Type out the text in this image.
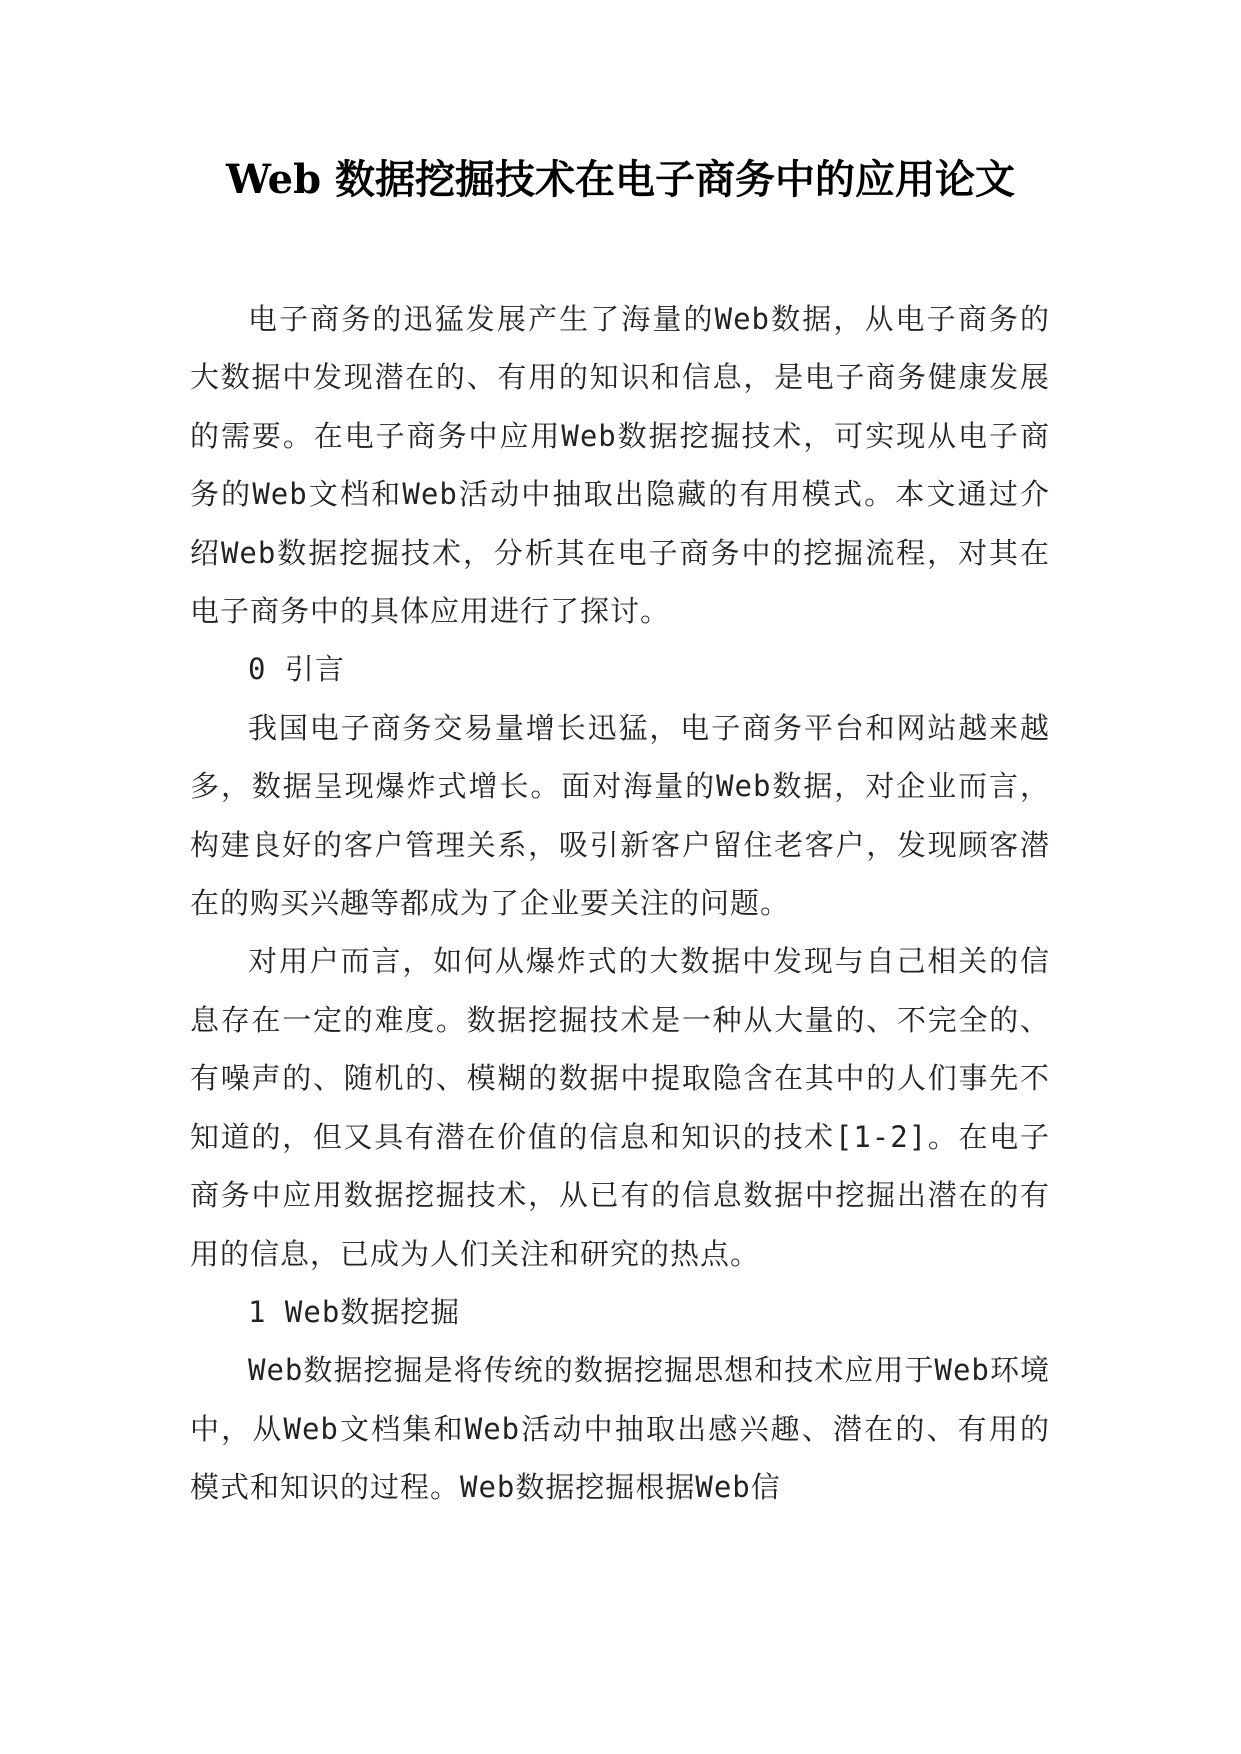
Web 数据挖掘技术在电子商务中的应用论文

电子商务的迅猛发展产生了海量的Web数据，从电子商务的大数据中发现潜在的、有用的知识和信息，是电子商务健康发展的需要。在电子商务中应用Web数据挖掘技术，可实现从电子商务的Web文档和Web活动中抽取出隐藏的有用模式。本文通过介绍Web数据挖掘技术，分析其在电子商务中的挖掘流程，对其在电子商务中的具体应用进行了探讨。

0 引言

我国电子商务交易量增长迅猛，电子商务平台和网站越来越多，数据呈现爆炸式增长。面对海量的Web数据，对企业而言，构建良好的客户管理关系，吸引新客户留住老客户，发现顾客潜在的购买兴趣等都成为了企业要关注的问题。

对用户而言，如何从爆炸式的大数据中发现与自己相关的信息存在一定的难度。数据挖掘技术是一种从大量的、不完全的、有噪声的、随机的、模糊的数据中提取隐含在其中的人们事先不知道的，但又具有潜在价值的信息和知识的技术[1-2]。在电子商务中应用数据挖掘技术，从已有的信息数据中挖掘出潜在的有用的信息，已成为人们关注和研究的热点。

1 Web数据挖掘

Web数据挖掘是将传统的数据挖掘思想和技术应用于Web环境中，从Web文档集和Web活动中抽取出感兴趣、潜在的、有用的模式和知识的过程。Web数据挖掘根据Web信
